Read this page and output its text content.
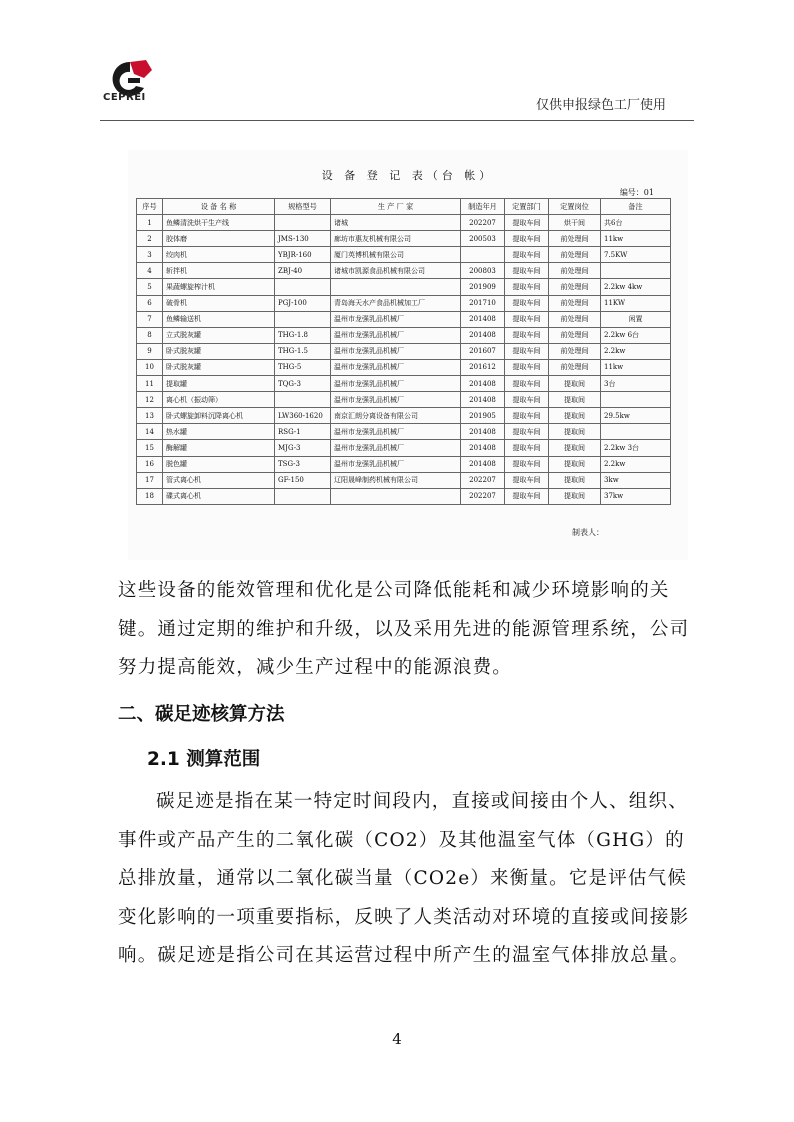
CEPREI
仅供申报绿色工厂使用
设 备 登 记 表（台 帐）
编号：01
序号	设 备 名 称	规格型号	生 产 厂 家	制造年月	定置部门	定置岗位	备注
1	鱼鳞清洗烘干生产线		诸城	202207	提取车间	烘干间	共6台
2	胶体磨	JMS-130	廊坊市惠友机械有限公司	200503	提取车间	前处理间	11kw
3	绞肉机	YBJR-160	厦门英博机械有限公司		提取车间	前处理间	7.5KW
4	斩拌机	ZBJ-40	诸城市凯源食品机械有限公司	200803	提取车间	前处理间	
5	果蔬螺旋榨汁机			201909	提取车间	前处理间	2.2kw 4kw
6	破骨机	PGJ-100	青岛海天水产食品机械加工厂	201710	提取车间	前处理间	11KW
7	鱼鳞输送机		温州市龙强乳品机械厂	201408	提取车间	前处理间	闲置
8	立式脱灰罐	THG-1.8	温州市龙强乳品机械厂	201408	提取车间	前处理间	2.2kw 6台
9	卧式脱灰罐	THG-1.5	温州市龙强乳品机械厂	201607	提取车间	前处理间	2.2kw
10	卧式脱灰罐	THG-5	温州市龙强乳品机械厂	201612	提取车间	前处理间	11kw
11	提取罐	TQG-3	温州市龙强乳品机械厂	201408	提取车间	提取间	3台
12	离心机（振动筛）		温州市龙强乳品机械厂	201408	提取车间	提取间	
13	卧式螺旋卸料沉降离心机	LW360-1620	南京汇朗分离设备有限公司	201905	提取车间	提取间	29.5kw
14	热水罐	RSG-1	温州市龙强乳品机械厂	201408	提取车间	提取间	
15	酶解罐	MJG-3	温州市龙强乳品机械厂	201408	提取车间	提取间	2.2kw 3台
16	脱色罐	TSG-3	温州市龙强乳品机械厂	201408	提取车间	提取间	2.2kw
17	管式离心机	GF-150	辽阳晟峰制药机械有限公司	202207	提取车间	提取间	3kw
18	碟式离心机			202207	提取车间	提取间	37kw
制表人：

这些设备的能效管理和优化是公司降低能耗和减少环境影响的关键。通过定期的维护和升级，以及采用先进的能源管理系统，公司努力提高能效，减少生产过程中的能源浪费。

二、碳足迹核算方法
2.1 测算范围

碳足迹是指在某一特定时间段内，直接或间接由个人、组织、事件或产品产生的二氧化碳（CO2）及其他温室气体（GHG）的总排放量，通常以二氧化碳当量（CO2e）来衡量。它是评估气候变化影响的一项重要指标，反映了人类活动对环境的直接或间接影响。碳足迹是指公司在其运营过程中所产生的温室气体排放总量。

4
